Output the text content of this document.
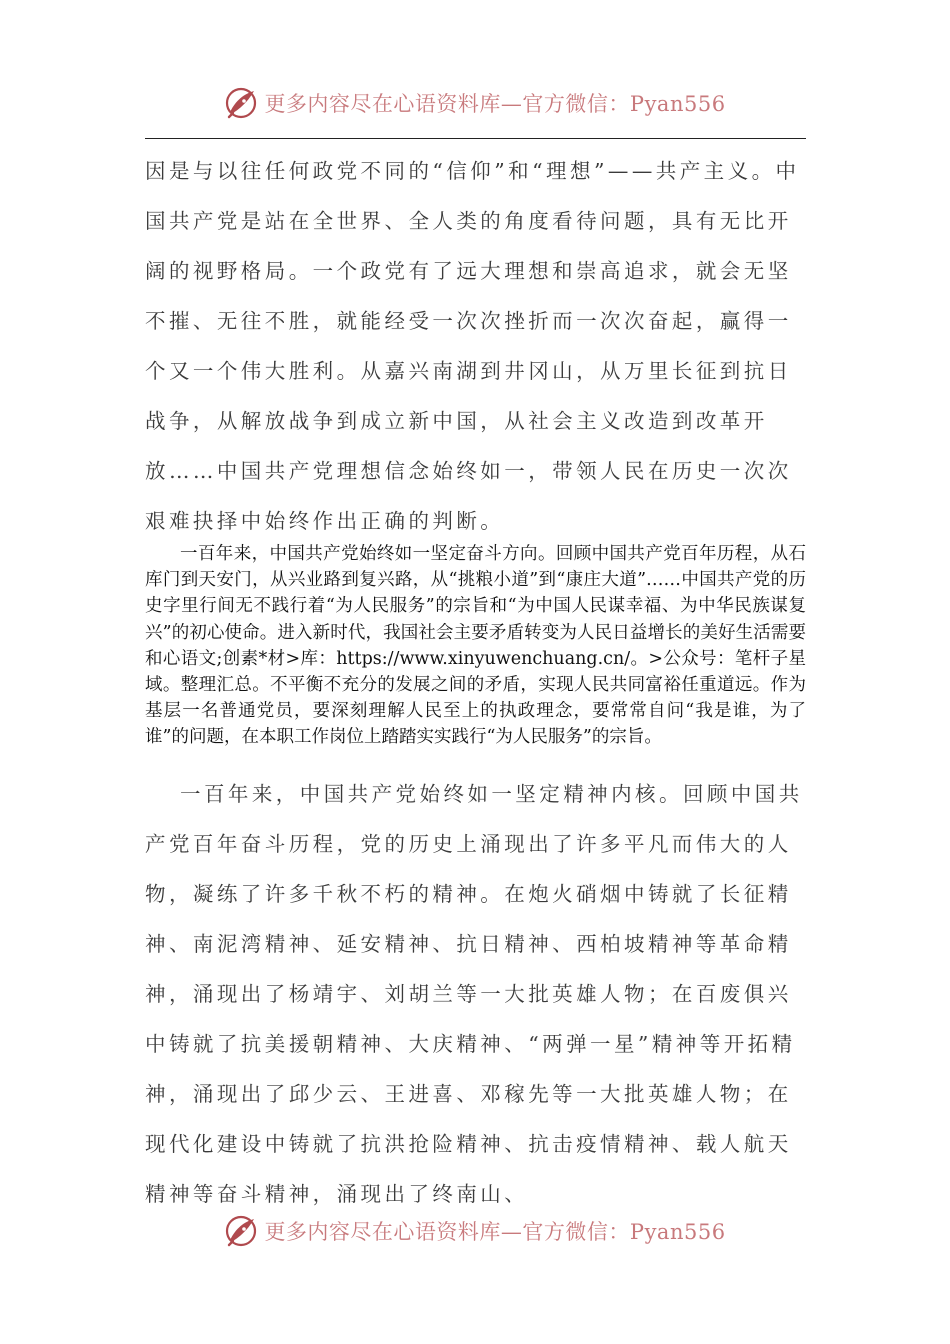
更多内容尽在心语资料库—官方微信：Pyan556

因是与以往任何政党不同的“信仰”和“理想”——共产主义。中国共产党是站在全世界、全人类的角度看待问题，具有无比开阔的视野格局。一个政党有了远大理想和崇高追求，就会无坚不摧、无往不胜，就能经受一次次挫折而一次次奋起，赢得一个又一个伟大胜利。从嘉兴南湖到井冈山，从万里长征到抗日战争，从解放战争到成立新中国，从社会主义改造到改革开放……中国共产党理想信念始终如一，带领人民在历史一次次艰难抉择中始终作出正确的判断。

一百年来，中国共产党始终如一坚定奋斗方向。回顾中国共产党百年历程，从石库门到天安门，从兴业路到复兴路，从“挑粮小道”到“康庄大道”……中国共产党的历史字里行间无不践行着“为人民服务”的宗旨和“为中国人民谋幸福、为中华民族谋复兴”的初心使命。进入新时代，我国社会主要矛盾转变为人民日益增长的美好生活需要和心语文;创素*材>库：https://www.xinyuwenchuang.cn/。>公众号：笔杆子星域。整理汇总。不平衡不充分的发展之间的矛盾，实现人民共同富裕任重道远。作为基层一名普通党员，要深刻理解人民至上的执政理念，要常常自问“我是谁，为了谁”的问题，在本职工作岗位上踏踏实实践行“为人民服务”的宗旨。

一百年来，中国共产党始终如一坚定精神内核。回顾中国共产党百年奋斗历程，党的历史上涌现出了许多平凡而伟大的人物，凝练了许多千秋不朽的精神。在炮火硝烟中铸就了长征精神、南泥湾精神、延安精神、抗日精神、西柏坡精神等革命精神，涌现出了杨靖宇、刘胡兰等一大批英雄人物；在百废俱兴中铸就了抗美援朝精神、大庆精神、“两弹一星”精神等开拓精神，涌现出了邱少云、王进喜、邓稼先等一大批英雄人物；在现代化建设中铸就了抗洪抢险精神、抗击疫情精神、载人航天精神等奋斗精神，涌现出了终南山、

更多内容尽在心语资料库—官方微信：Pyan556
